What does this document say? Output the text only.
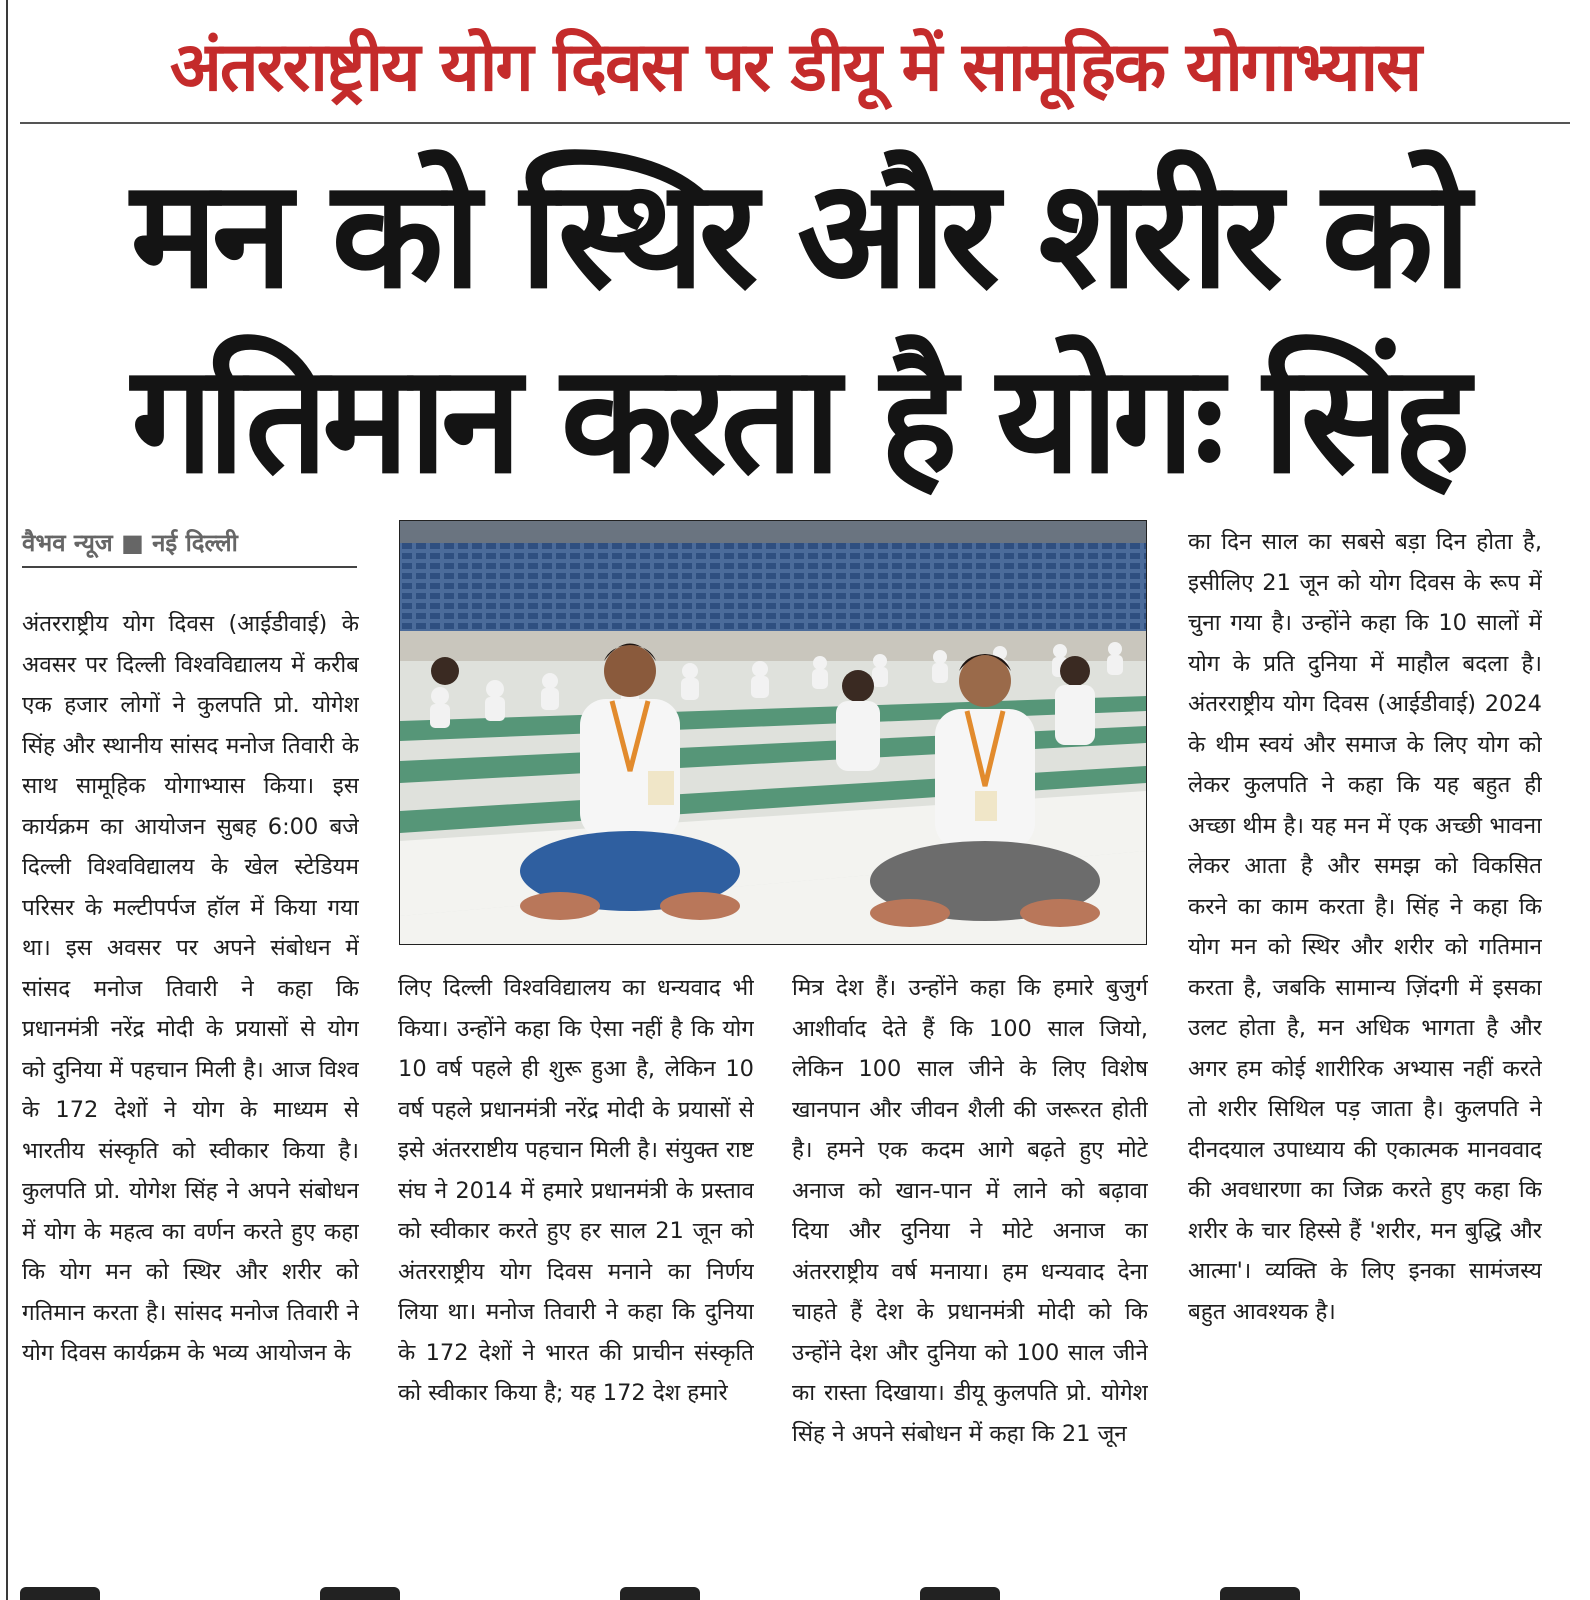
अंतरराष्ट्रीय योग दिवस पर डीयू में सामूहिक योगाभ्यास
मन को स्थिर और शरीर को
गतिमान करता है योगः सिंह
वैभव न्यूज ■ नई दिल्ली
अंतरराष्ट्रीय योग दिवस (आईडीवाई) के अवसर पर दिल्ली विश्वविद्यालय में करीब एक हजार लोगों ने कुलपति प्रो. योगेश सिंह और स्थानीय सांसद मनोज तिवारी के साथ सामूहिक योगाभ्यास किया। इस कार्यक्रम का आयोजन सुबह 6:00 बजे दिल्ली विश्वविद्यालय के खेल स्टेडियम परिसर के मल्टीपर्पज हॉल में किया गया था। इस अवसर पर अपने संबोधन में सांसद मनोज तिवारी ने कहा कि प्रधानमंत्री नरेंद्र मोदी के प्रयासों से योग को दुनिया में पहचान मिली है। आज विश्व के 172 देशों ने योग के माध्यम से भारतीय संस्कृति को स्वीकार किया है। कुलपति प्रो. योगेश सिंह ने अपने संबोधन में योग के महत्व का वर्णन करते हुए कहा कि योग मन को स्थिर और शरीर को गतिमान करता है। सांसद मनोज तिवारी ने योग दिवस कार्यक्रम के भव्य आयोजन के
लिए दिल्ली विश्वविद्यालय का धन्यवाद भी किया। उन्होंने कहा कि ऐसा नहीं है कि योग 10 वर्ष पहले ही शुरू हुआ है, लेकिन 10 वर्ष पहले प्रधानमंत्री नरेंद्र मोदी के प्रयासों से इसे अंतरराष्टीय पहचान मिली है। संयुक्त राष्ट संघ ने 2014 में हमारे प्रधानमंत्री के प्रस्ताव को स्वीकार करते हुए हर साल 21 जून को अंतरराष्ट्रीय योग दिवस मनाने का निर्णय लिया था। मनोज तिवारी ने कहा कि दुनिया के 172 देशों ने भारत की प्राचीन संस्कृति को स्वीकार किया है; यह 172 देश हमारे
मित्र देश हैं। उन्होंने कहा कि हमारे बुजुर्ग आशीर्वाद देते हैं कि 100 साल जियो, लेकिन 100 साल जीने के लिए विशेष खानपान और जीवन शैली की जरूरत होती है। हमने एक कदम आगे बढ़ते हुए मोटे अनाज को खान-पान में लाने को बढ़ावा दिया और दुनिया ने मोटे अनाज का अंतरराष्ट्रीय वर्ष मनाया। हम धन्यवाद देना चाहते हैं देश के प्रधानमंत्री मोदी को कि उन्होंने देश और दुनिया को 100 साल जीने का रास्ता दिखाया। डीयू कुलपति प्रो. योगेश सिंह ने अपने संबोधन में कहा कि 21 जून
का दिन साल का सबसे बड़ा दिन होता है, इसीलिए 21 जून को योग दिवस के रूप में चुना गया है। उन्होंने कहा कि 10 सालों में योग के प्रति दुनिया में माहौल बदला है। अंतरराष्ट्रीय योग दिवस (आईडीवाई) 2024 के थीम स्वयं और समाज के लिए योग को लेकर कुलपति ने कहा कि यह बहुत ही अच्छा थीम है। यह मन में एक अच्छी भावना लेकर आता है और समझ को विकसित करने का काम करता है। सिंह ने कहा कि योग मन को स्थिर और शरीर को गतिमान करता है, जबकि सामान्य ज़िंदगी में इसका उलट होता है, मन अधिक भागता है और अगर हम कोई शारीरिक अभ्यास नहीं करते तो शरीर सिथिल पड़ जाता है। कुलपति ने दीनदयाल उपाध्याय की एकात्मक मानववाद की अवधारणा का जिक्र करते हुए कहा कि शरीर के चार हिस्से हैं 'शरीर, मन बुद्धि और आत्मा'। व्यक्ति के लिए इनका सामंजस्य बहुत आवश्यक है।
